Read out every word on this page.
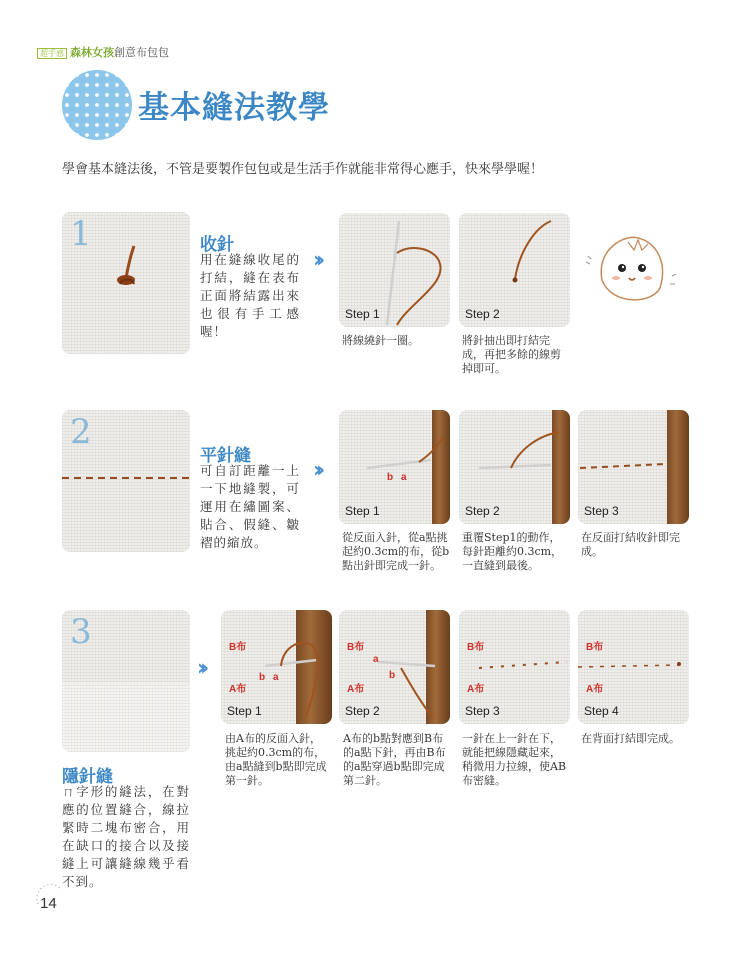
超手感 森林女孩創意布包包
基本縫法教學
學會基本縫法後，不管是要製作包包或是生活手作就能非常得心應手，快來學學喔！
1	收針
用在縫線收尾的打結，縫在表布正面將結露出來也很有手工感喔！
››
Step 1	Step 2
將線繞針一圈。	將針抽出即打結完成，再把多餘的線剪掉即可。
2
平針縫
可自訂距離一上一下地縫製，可運用在繡圖案、貼合、假縫、皺褶的縮放。
››	b a
Step 1	Step 2	Step 3
從反面入針，從a點挑起約0.3cm的布，從b點出針即完成一針。
重覆Step1的動作，每針距離約0.3cm，一直縫到最後。
在反面打結收針即完成。
3
››
隱針縫
ㄇ字形的縫法，在對應的位置縫合，線拉緊時二塊布密合，用在缺口的接合以及接縫上可讓縫線幾乎看不到。
B布
A布
b a
Step 1
B布
A布
a
b
Step 2
B布
A布
Step 3
B布
A布
Step 4
由A布的反面入針，挑起約0.3cm的布，由a點縫到b點即完成第一針。
A布的b點對應到B布的a點下針，再由B布的a點穿過b點即完成第二針。
一針在上一針在下，就能把線隱藏起來，稍微用力拉線，使AB布密縫。
在背面打結即完成。
14
